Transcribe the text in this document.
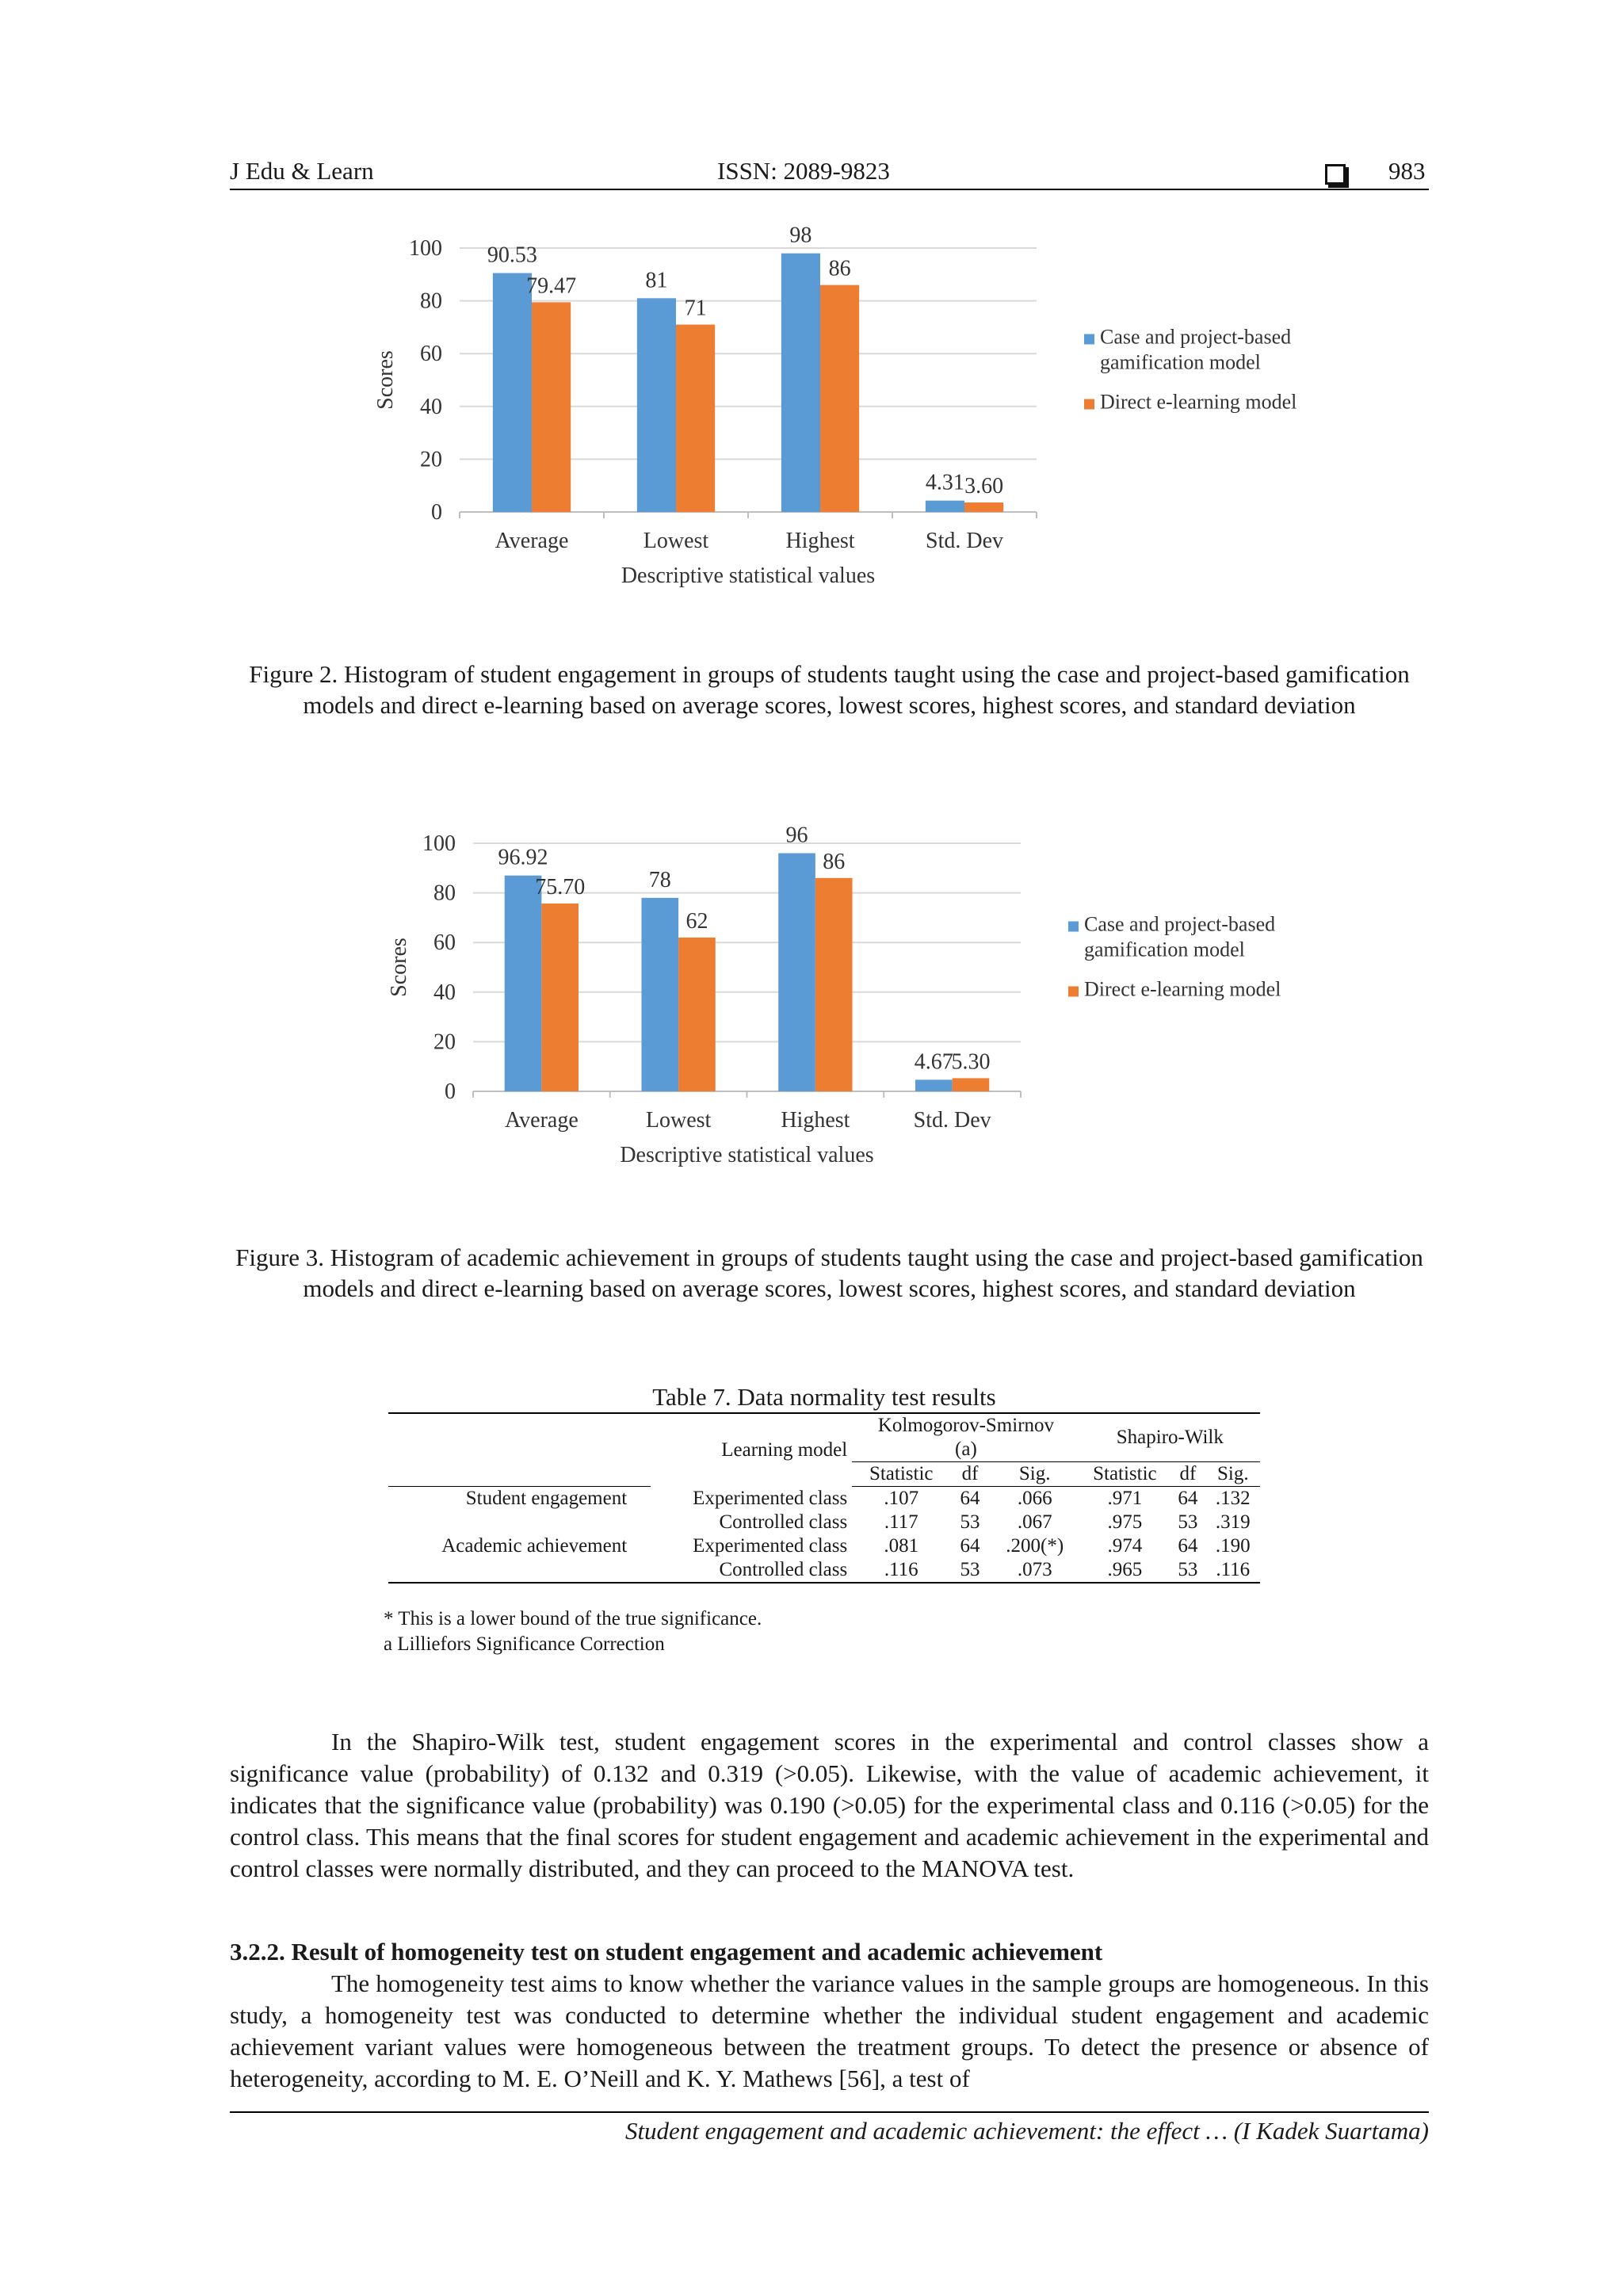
J Edu & Learn	ISSN: 2089-9823	983
0
20
40
60
80
100 90.53
79.47
Average
81
71
Lowest
98
86
Highest
4.31 3.60
Std. Dev
Descriptive statistical values
Scores
Case and project-based
gamification model
Direct e-learning model
Figure 2. Histogram of student engagement in groups of students taught using the case and project-based gamification models and direct e-learning based on average scores, lowest scores, highest scores, and standard deviation
0
20
40
60
80
100
96.92
75.70
Average
78
62
Lowest
96
86
Highest
4.67
5.30
Std. Dev
Descriptive statistical values
Scores
Case and project-based
gamification model
Direct e-learning model
Figure 3. Histogram of academic achievement in groups of students taught using the case and project-based gamification models and direct e-learning based on average scores, lowest scores, highest scores, and standard deviation
Table 7. Data normality test results
	Learning model	Kolmogorov-Smirnov
(a)			Shapiro-Wilk		
		Statistic	df	Sig.	Statistic	df	Sig.
Student engagement	Experimented class	.107	64	.066	.971	64	.132
	Controlled class	.117	53	.067	.975	53	.319
Academic achievement	Experimented class	.081	64	.200(*)	.974	64	.190
	Controlled class	.116	53	.073	.965	53	.116
* This is a lower bound of the true significance.
a Lilliefors Significance Correction

In the Shapiro-Wilk test, student engagement scores in the experimental and control classes show a significance value (probability) of 0.132 and 0.319 (>0.05). Likewise, with the value of academic achievement, it indicates that the significance value (probability) was 0.190 (>0.05) for the experimental class and 0.116 (>0.05) for the control class. This means that the final scores for student engagement and academic achievement in the experimental and control classes were normally distributed, and they can proceed to the MANOVA test.

3.2.2. Result of homogeneity test on student engagement and academic achievement

The homogeneity test aims to know whether the variance values in the sample groups are homogeneous. In this study, a homogeneity test was conducted to determine whether the individual student engagement and academic achievement variant values were homogeneous between the treatment groups. To detect the presence or absence of heterogeneity, according to M. E. O’Neill and K. Y. Mathews [56], a test of

Student engagement and academic achievement: the effect … (I Kadek Suartama)
